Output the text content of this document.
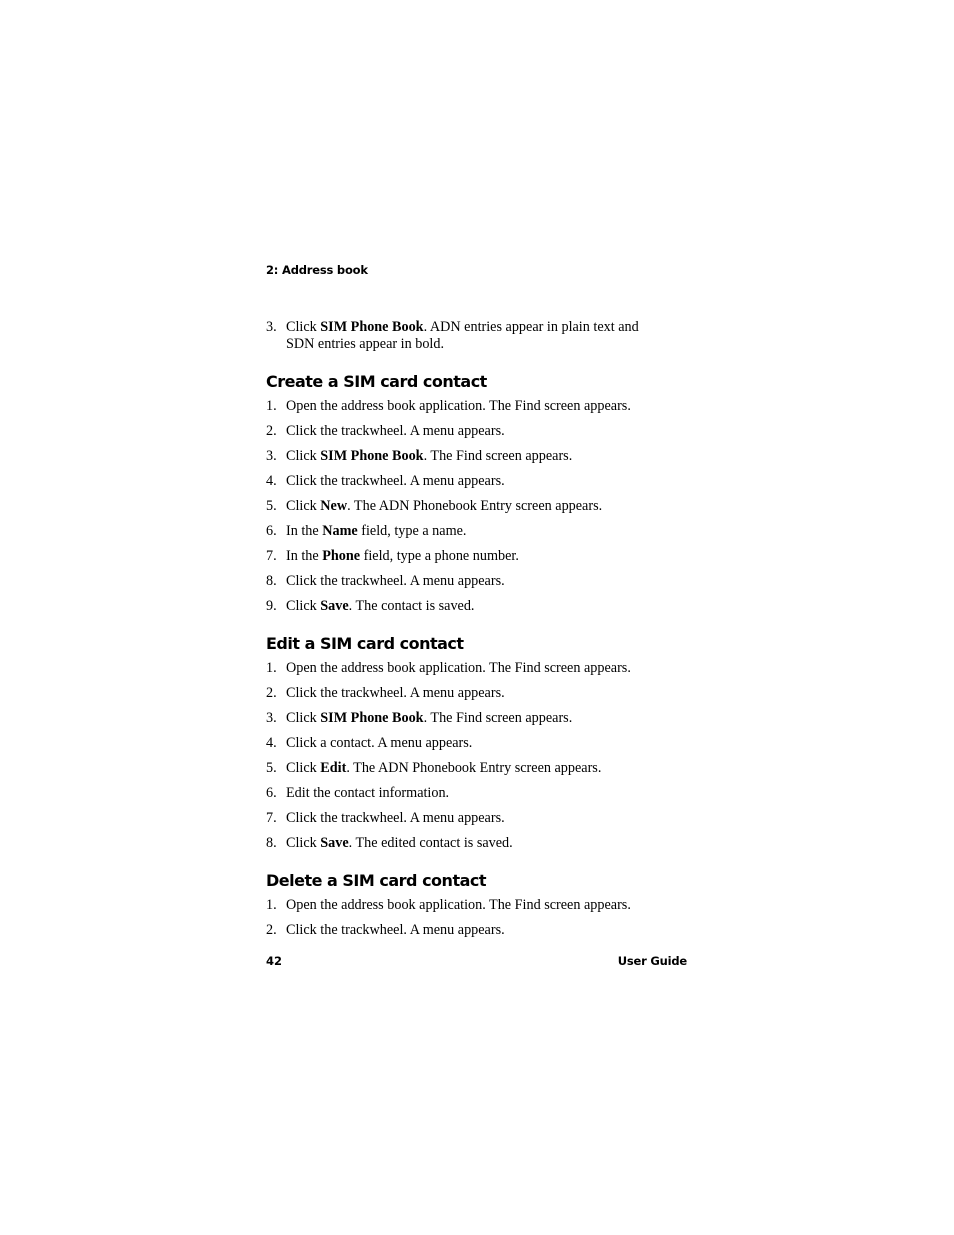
2: Address book
3. Click SIM Phone Book. ADN entries appear in plain text and
SDN entries appear in bold.
Create a SIM card contact
1. Open the address book application. The Find screen appears.
2. Click the trackwheel. A menu appears.
3. Click SIM Phone Book. The Find screen appears.
4. Click the trackwheel. A menu appears.
5. Click New. The ADN Phonebook Entry screen appears.
6. In the Name field, type a name.
7. In the Phone field, type a phone number.
8. Click the trackwheel. A menu appears.
9. Click Save. The contact is saved.
Edit a SIM card contact
1. Open the address book application. The Find screen appears.
2. Click the trackwheel. A menu appears.
3. Click SIM Phone Book. The Find screen appears.
4. Click a contact. A menu appears.
5. Click Edit. The ADN Phonebook Entry screen appears.
6. Edit the contact information.
7. Click the trackwheel. A menu appears.
8. Click Save. The edited contact is saved.
Delete a SIM card contact
1. Open the address book application. The Find screen appears.
2. Click the trackwheel. A menu appears.
42	User Guide
